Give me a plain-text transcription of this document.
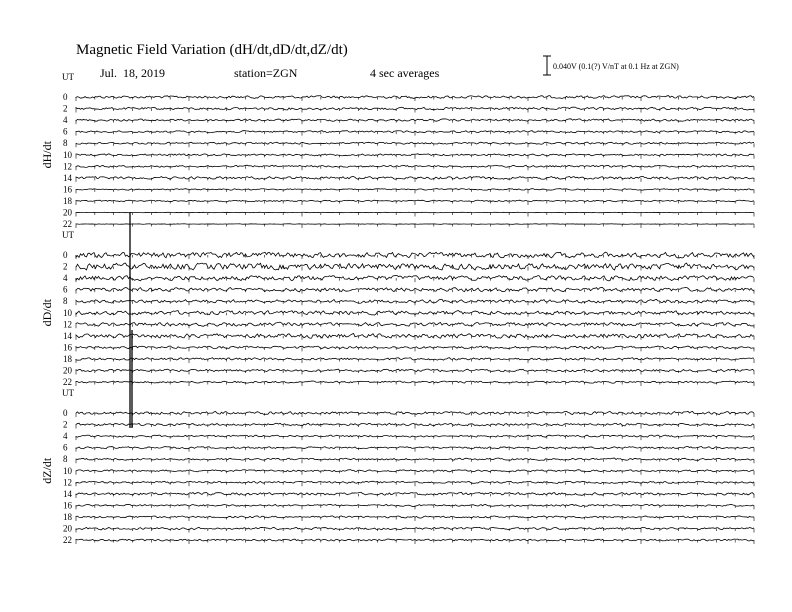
Magnetic Field Variation (dH/dt,dD/dt,dZ/dt)
Jul.  18, 2019	station=ZGN	4 sec averages	0.040V (0.1(?) V/nT at 0.1 Hz at ZGN)
UT
dH/dt
0
2
4
6
8
10
12
14
16
18
20
22
UT
dD/dt
0
2
4
6
8
10
12
14
16
18
20
22
UT
dZ/dt
0
2
4
6
8
10
12
14
16
18
20
22
